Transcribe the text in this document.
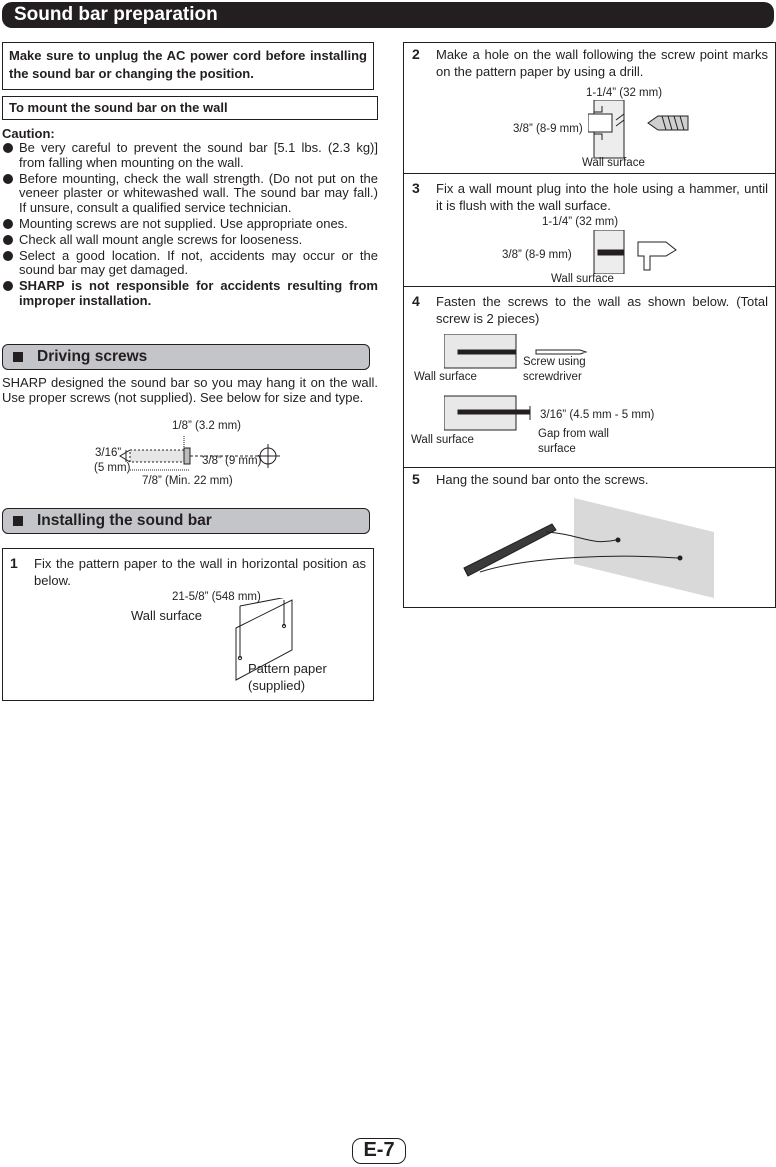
Sound bar preparation
Make sure to unplug the AC power cord before installing the sound bar or changing the position.
To mount the sound bar on the wall
Caution:
Be very careful to prevent the sound bar [5.1 lbs. (2.3 kg)] from falling when mounting on the wall.
Before mounting, check the wall strength. (Do not put on the veneer plaster or whitewashed wall. The sound bar may fall.) If unsure, consult a qualified service technician.
Mounting screws are not supplied. Use appropriate ones.
Check all wall mount angle screws for looseness.
Select a good location. If not, accidents may occur or the sound bar may get damaged.
SHARP is not responsible for accidents resulting from improper installation.
Driving screws
SHARP designed the sound bar so you may hang it on the wall. Use proper screws (not supplied). See below for size and type.
1/8” (3.2 mm)
3/16”
(5 mm)
3/8” (9 mm)
7/8” (Min. 22 mm)
Installing the sound bar
1 Fix the pattern paper to the wall in horizontal position as below.
21-5/8” (548 mm)
Wall surface
Pattern paper
(supplied)
2 Make a hole on the wall following the screw point marks on the pattern paper by using a drill.
1-1/4” (32 mm)
3/8” (8-9 mm)
Wall surface
3 Fix a wall mount plug into the hole using a hammer, until it is flush with the wall surface.
1-1/4” (32 mm)
3/8” (8-9 mm)
Wall surface
4 Fasten the screws to the wall as shown below. (Total screw is 2 pieces)
Wall surface
Screw using
screwdriver
3/16” (4.5 mm - 5 mm)
Wall surface	Gap from wall
surface
5 Hang the sound bar onto the screws.
E-7
